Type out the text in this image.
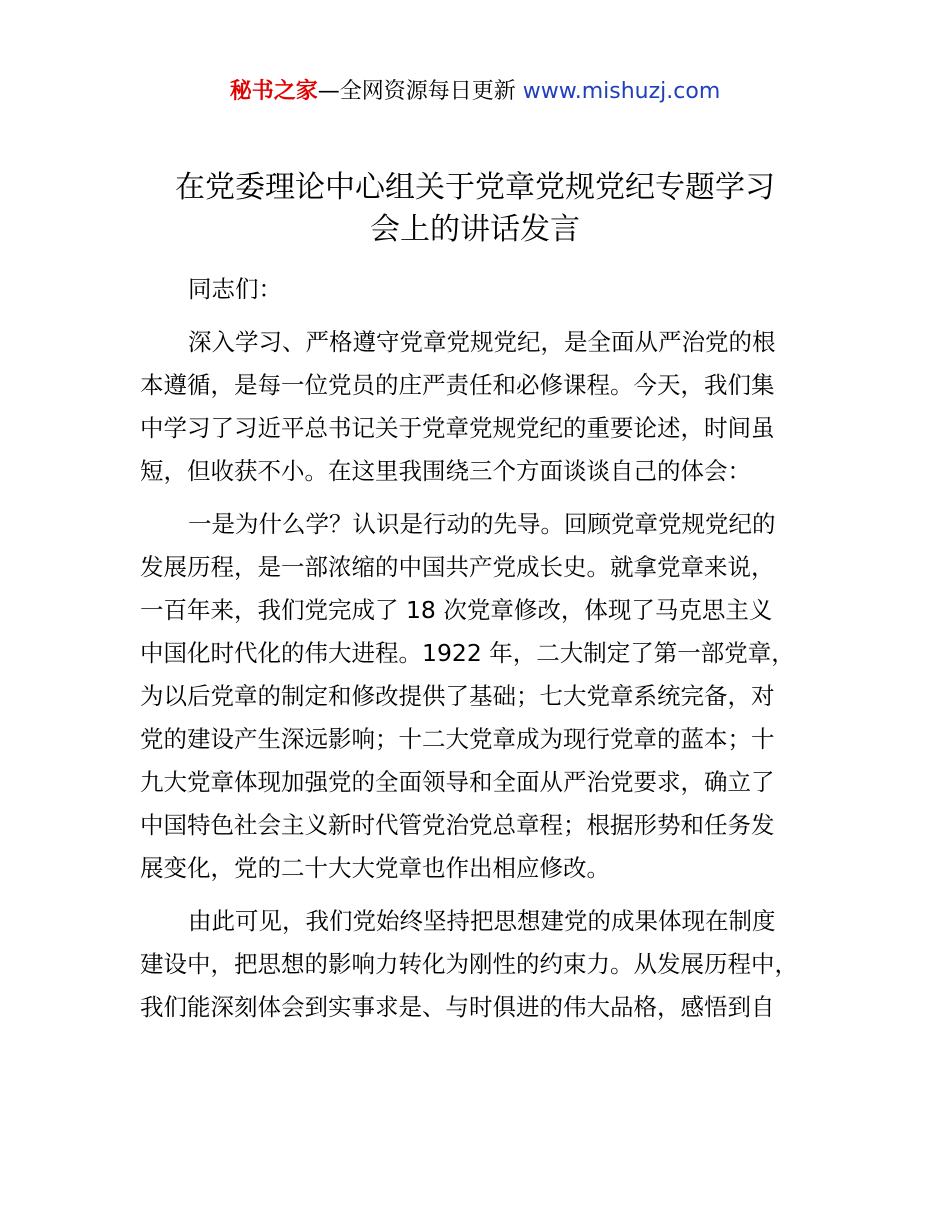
秘书之家—全网资源每日更新 www.mishuzj.com
在党委理论中心组关于党章党规党纪专题学习
会上的讲话发言

同志们：

深入学习、严格遵守党章党规党纪，是全面从严治党的根
本遵循，是每一位党员的庄严责任和必修课程。今天，我们集
中学习了习近平总书记关于党章党规党纪的重要论述，时间虽
短，但收获不小。在这里我围绕三个方面谈谈自己的体会：

一是为什么学？认识是行动的先导。回顾党章党规党纪的
发展历程，是一部浓缩的中国共产党成长史。就拿党章来说，
一百年来，我们党完成了 18 次党章修改，体现了马克思主义
中国化时代化的伟大进程。1922 年，二大制定了第一部党章，
为以后党章的制定和修改提供了基础；七大党章系统完备，对
党的建设产生深远影响；十二大党章成为现行党章的蓝本；十
九大党章体现加强党的全面领导和全面从严治党要求，确立了
中国特色社会主义新时代管党治党总章程；根据形势和任务发
展变化，党的二十大大党章也作出相应修改。

由此可见，我们党始终坚持把思想建党的成果体现在制度
建设中，把思想的影响力转化为刚性的约束力。从发展历程中，
我们能深刻体会到实事求是、与时俱进的伟大品格，感悟到自
